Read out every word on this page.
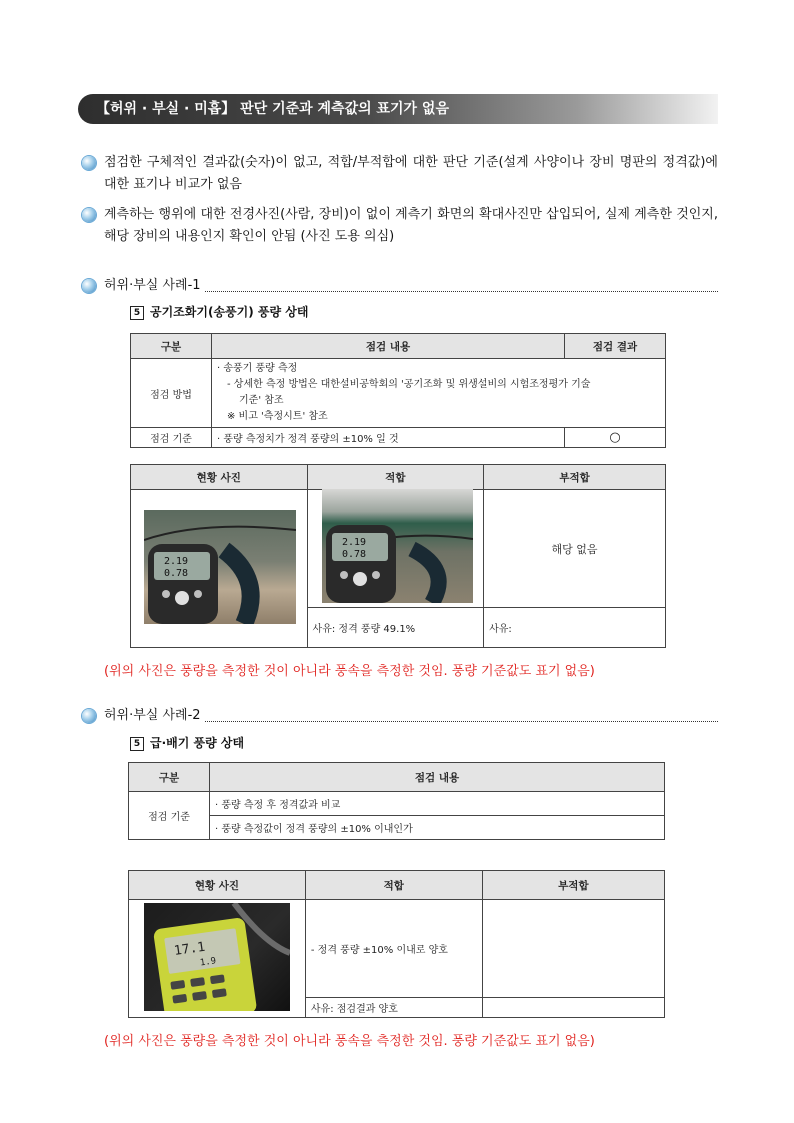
【허위 · 부실 · 미흡】 판단 기준과 계측값의 표기가 없음
점검한 구체적인 결과값(숫자)이 없고, 적합/부적합에 대한 판단 기준(설계 사양이나 장비 명판의 정격값)에 대한 표기나 비교가 없음
계측하는 행위에 대한 전경사진(사람, 장비)이 없이 계측기 화면의 확대사진만 삽입되어, 실제 계측한 것인지, 해당 장비의 내용인지 확인이 안됨 (사진 도용 의심)
허위·부실 사례-1
5 공기조화기(송풍기) 풍량 상태
구분	점검 내용	점검 결과
점검 방법	· 송풍기 풍량 측정
- 상세한 측정 방법은 대한설비공학회의 '공기조화 및 위생설비의 시험조정평가 기술
기준' 참조
※ 비고 '측정시트' 참조	

점검 기준	· 풍량 측정치가 정격 풍량의 ±10% 일 것	○
현황 사진	적합	부적합
		해당 없음
	사유: 정격 풍량 49.1%	사유:
2.19
0.78
2.19
0.78
(위의 사진은 풍량을 측정한 것이 아니라 풍속을 측정한 것임. 풍량 기준값도 표기 없음)
허위·부실 사례-2
5 급·배기 풍량 상태
구분	점검 내용
점검 기준	· 풍량 측정 후 정격값과 비교
	· 풍량 측정값이 정격 풍량의 ±10% 이내인가
현황 사진	적합	부적합
	- 정격 풍량 ±10% 이내로 양호	
	사유: 점검결과 양호	
17.1
1.9
(위의 사진은 풍량을 측정한 것이 아니라 풍속을 측정한 것임. 풍량 기준값도 표기 없음)
